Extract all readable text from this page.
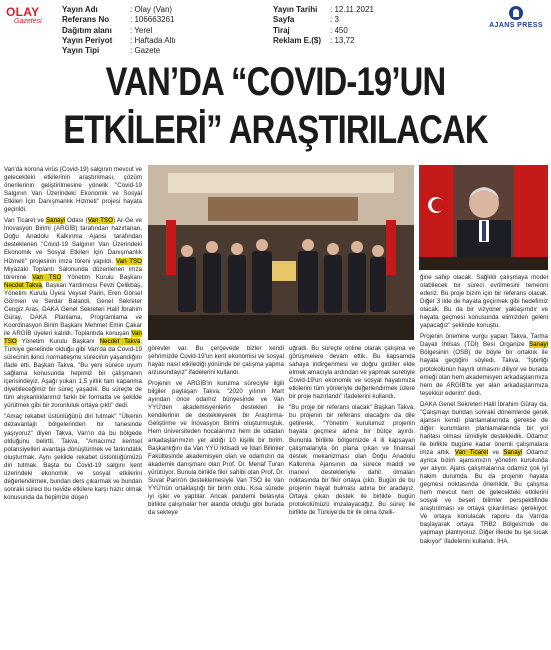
OLAY
Gazetesi
Yayın Adı	: Olay (Van)
Referans No	: 106663261
Dağıtım alanı : Yerel
Yayın Periyot : Haftada Altı
Yayın Tipi	: Gazete
Yayın Tarihi : 12.11.2021
Sayfa	: 3
Tiraj	: 450
Reklam E.($) : 13,72
AJANS PRESS
VAN’DA “COVID-19’UN
ETKİLERİ” ARAŞTIRILACAK

Van'da korona virüs (Covid-19) salgının mevcut ve gelecekteki etkilerinin araştırılması, çözüm önerilerinin geliştirilmesine yönelik "Covid-19 Salgının Van Üzerindeki Ekonomik ve Sosyal Etkileri İçin Danışmanlık Hizmeti" projesi hayata geçirildi.

Van Ticaret ve Sanayi Odası (Van TSO) Ar-Ge ve İnovasyon Birimi (ARGİB) tarafından hazırlanan, Doğu Anadolu Kalkınma Ajansı tarafından desteklenen "Covid-19 Salgının Van Üzerindeki Ekonomik ve Sosyal Etkileri İçin Danışmanlık Hizmeti" projesinin imza töreni yapıldı. Van TSO Miyazaki Toplantı Salonunda düzenlenen imza törenine Van TSO Yönetim Kurulu Başkanı Necdet Takva, Başkan Yardımcısı Fevzi Çelikbaş, Yönetim Kurulu Üyesi Veysel Parin, Eren Görsel Görmen ve Serdar Balandi, Genel Sekreter Cengiz Aras, DAKA Genel Sekreteri Halil İbrahim Güray, DAKA Planlama, Programlama ve Koordinasyon Birim Başkanı Mehmet Emin Çakar ile ARGİB üyeleri katıldı. Toplantıda konuşan Van TSO Yönetim Kurulu Başkanı Necdet Takva, Türkiye genelinde olduğu gibi Van'da da Covid-19 sürecinin ikinci normalleşme sürecinin yaşandığını ifade etti. Başkan Takva, "Bu yeni sürece uyum sağlama konusunda hepimiz bir çalışmanın içerisindeyiz. Aşağı yukarı 1,5 yıllık tam kapanma diyebileceğimiz bir süreç yaşadık. Bu süreçte de tüm alışkanlıklarımız farklı bir formatta ve şekilde yürütmek gibi bir zorunluluk ortaya çıktı" dedi.

"Amaç rekabet üstünlüğünü diri tutmak" "Ülkenin dezavantajlı bölgelerinden bir tanesinde yaşıyoruz" diyen Takva, Van'ın da bu bölgede olduğunu belirtti. Takva, "Amacımız kentsel potansiyelleri avantaja dönüştürmek ve farkındalık oluşturmak. Aynı şekilde rekabet üstünlüğümüzü diri tutmak. Başta bu Covid-19 salgını kent üzerindeki ekonomik ve sosyal etkilerini değerlendirmek, bundan ders çıkarmak ve bundan sonraki süreci bu nevide etkilere karşı hazır olmak konusunda da hepimize düşen

görevler var. Bu çerçevede bizler kendi şehrimizde Covid-19'un kent ekonomisi ve sosyal hayatı nasıl etkilediği yönünde bir çalışma yapma arzusundayız" ifadelerini kullandı.

Projenin ve ARGİB'in kurulma süreciyle ilgili bilgiler paylaşan Takva, "2020 yılının Mart ayından önce odamız bünyesinde ve Van YYÜ'den akademisyenlerin destekleri ile kendilerinin de destekleyerek bir Araştırma-Geliştirme ve İnovasyon Birimi oluşturmuştuk. Hem üniversiteden hocalarımız hem de odadan arkadaşlarımızın yer aldığı 10 kişilik bir birim. Başkanlığını da Van YYÜ İktisadi ve İdari Bilimler Fakültesinde akademisyen olan ve odamızın da akademik danışmanı olan Prof. Dr. Menaf Turan yürütüyor. Bunula birlikte fikir sahibi olan Prof. Dr. Suvat Parin'in desteklemesiyle Van TSO ile Van YYÜ'nün ortaklaştığı bir birim oldu. Kısa sürede iyi işler ve yaptılar. Ancak pandemi belasıyla birlikte çalışmalar her alanda olduğu gibi burada da sekteye

uğradı. Bu süreçte online olarak çalışma ve görüşmelere devam ettik. Bu kapsamda sahaya indirgenmesi ve doğru girdiler elde etmek amacıyla ardından ve yapmak suretiyle Covid-19'un ekonomik ve sosyal hayatımıza etkilerini tüm yönleriyle değerlendirmek üzere bir proje hazırlandı" ifadelerini kullandı.

"Bu proje bir referans olacak" Başkan Takva, bu projenin bir referans olacağını da dile getirerek, "Yönetim kurulumuz projenin hayata geçmesi adına bir bütçe ayırdı. Bununla birlikte bölgemizde 4 ili kapsayan çalışmalarıyla ön plana çıkan ve finansal destek mekanizması olan Doğu Anadolu Kalkınma Ajansının da sürece maddi ve manevi destekleriyle dahil olmaları noktasında bir fikir ortaya çıktı. Bugün de bu projenin hayat bulması adına bir aradayız. Ortaya çıkan destek ile birlikte bugün protokolümüzü imzalayacağız. Bu süreç ile birlikte de Türkiye'de bir ilk olma özelli-

ğine sahip olacak. Sağlıklı çalışmaya model olabilecek bir süreci evrilmesini temenni ederiz. Bu proje bizim için bir referans olacak. Diğer 3 ilde de hayata geçirmek gibi hedefimiz olacak. Bu da bir vizyoner yaklaşımdır ve hayata geçmesi konusunda elimizden geleni yapacağız" şeklinde konuştu.

Projenin önemine vurgu yapan Takva, Tarma Dayalı İhtisas (TDİ) Besi Organize Sanayi Bölgesinin (OSB) de böyle bir ortaklık ile hayata geçtiğini söyledi. Takva, "İşbirliği protokolünün hayırlı olmasını diliyor ve burada emeği olan hem akademisyen arkadaşlarımıza hem de ARGİB'te yer alan arkadaşlarımıza teşekkür ederim" dedi.

DAKA Genel Sekreteri Halil İbrahim Güray da, "Çalışmayı bundan sonraki dönemlerde gerek ajansın kendi planlamalarında gerekse de diğer kurumların planlamalarında bir yol haritası olması ümidiyle destekledik. Odamız ile birlikte bugüne kadar önemli çalışmalara imza attık. Van Ticaret ve Sanayi Odamız ayrıca bizim ajansımızın yönetim kurulunda yer alıyor. Ajans çalışmalarına odamız çok iyi hakim durumda. Bu da projenin hayata geçmesi noktasında önemlidir. Bu çalışma hem mevcut hem de gelecekteki etkilerini sosyal ve beşeri bilimler perspektifinde araştırılması ve ortaya çıkarılması gerekiyor. Ve ortaya konulacak raporu da Van'da başlayarak ortaya TRB2 Bölgesi'nde de yapmayı planlıyoruz. Diğer illerde bu işe sıcak bakıyor" ifadelerini kullandı. İHA
